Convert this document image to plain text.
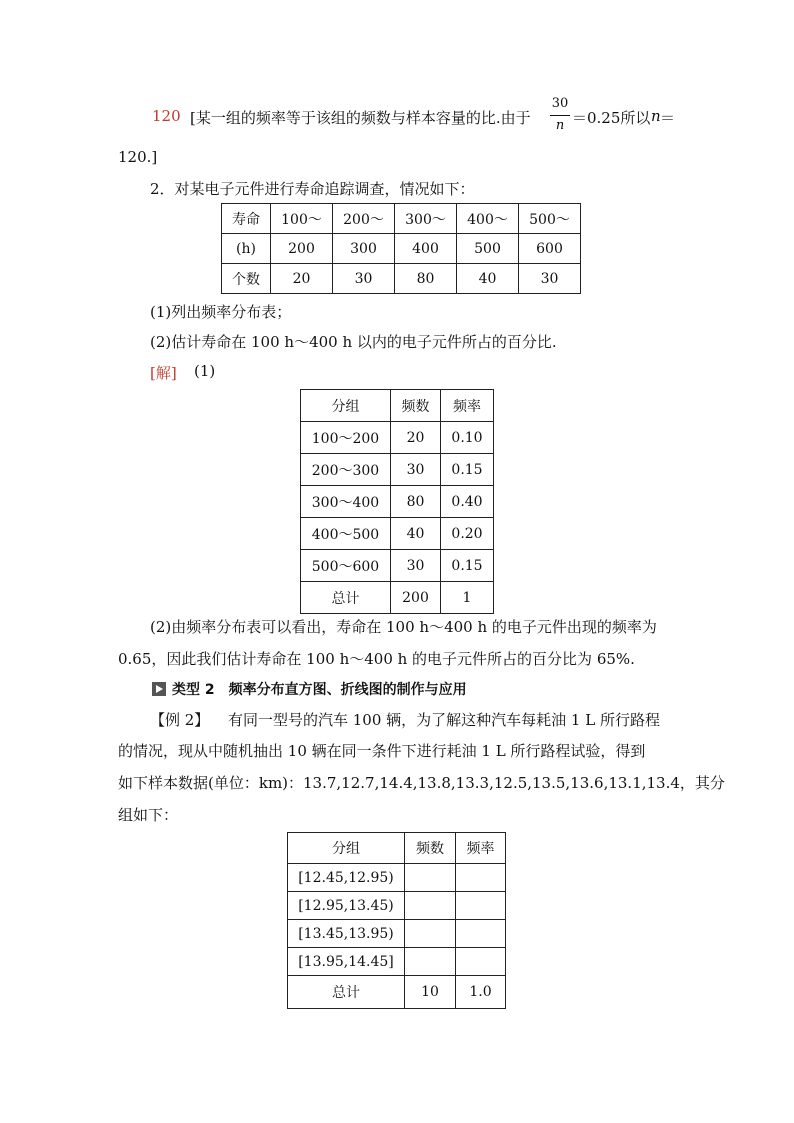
120 [某一组的频率等于该组的频数与样本容量的比.由于
30
n ＝0.25所以 n ＝
120.]
2．对某电子元件进行寿命追踪调查，情况如下：
寿命	100～	200～	300～	400～	500～
(h)	200	300	400	500	600
个数	20	30	80	40	30
(1)列出频率分布表；
(2)估计寿命在 100 h～400 h 以内的电子元件所占的百分比.
[解] (1)
分组	频数	频率
100～200	20	0.10
200～300	30	0.15
300～400	80	0.40
400～500	40	0.20
500～600	30	0.15
总计	200	1
(2)由频率分布表可以看出，寿命在 100 h～400 h 的电子元件出现的频率为
0.65，因此我们估计寿命在 100 h～400 h 的电子元件所占的百分比为 65%.
类型 2　频率分布直方图、折线图的制作与应用
【例 2】 有同一型号的汽车 100 辆，为了解这种汽车每耗油 1 L 所行路程
的情况，现从中随机抽出 10 辆在同一条件下进行耗油 1 L 所行路程试验，得到
如下样本数据(单位：km)：13.7,12.7,14.4,13.8,13.3,12.5,13.5,13.6,13.1,13.4，其分
组如下：
分组	频数	频率
[12.45,12.95)		
[12.95,13.45)		
[13.45,13.95)		
[13.95,14.45]		
总计	10	1.0
